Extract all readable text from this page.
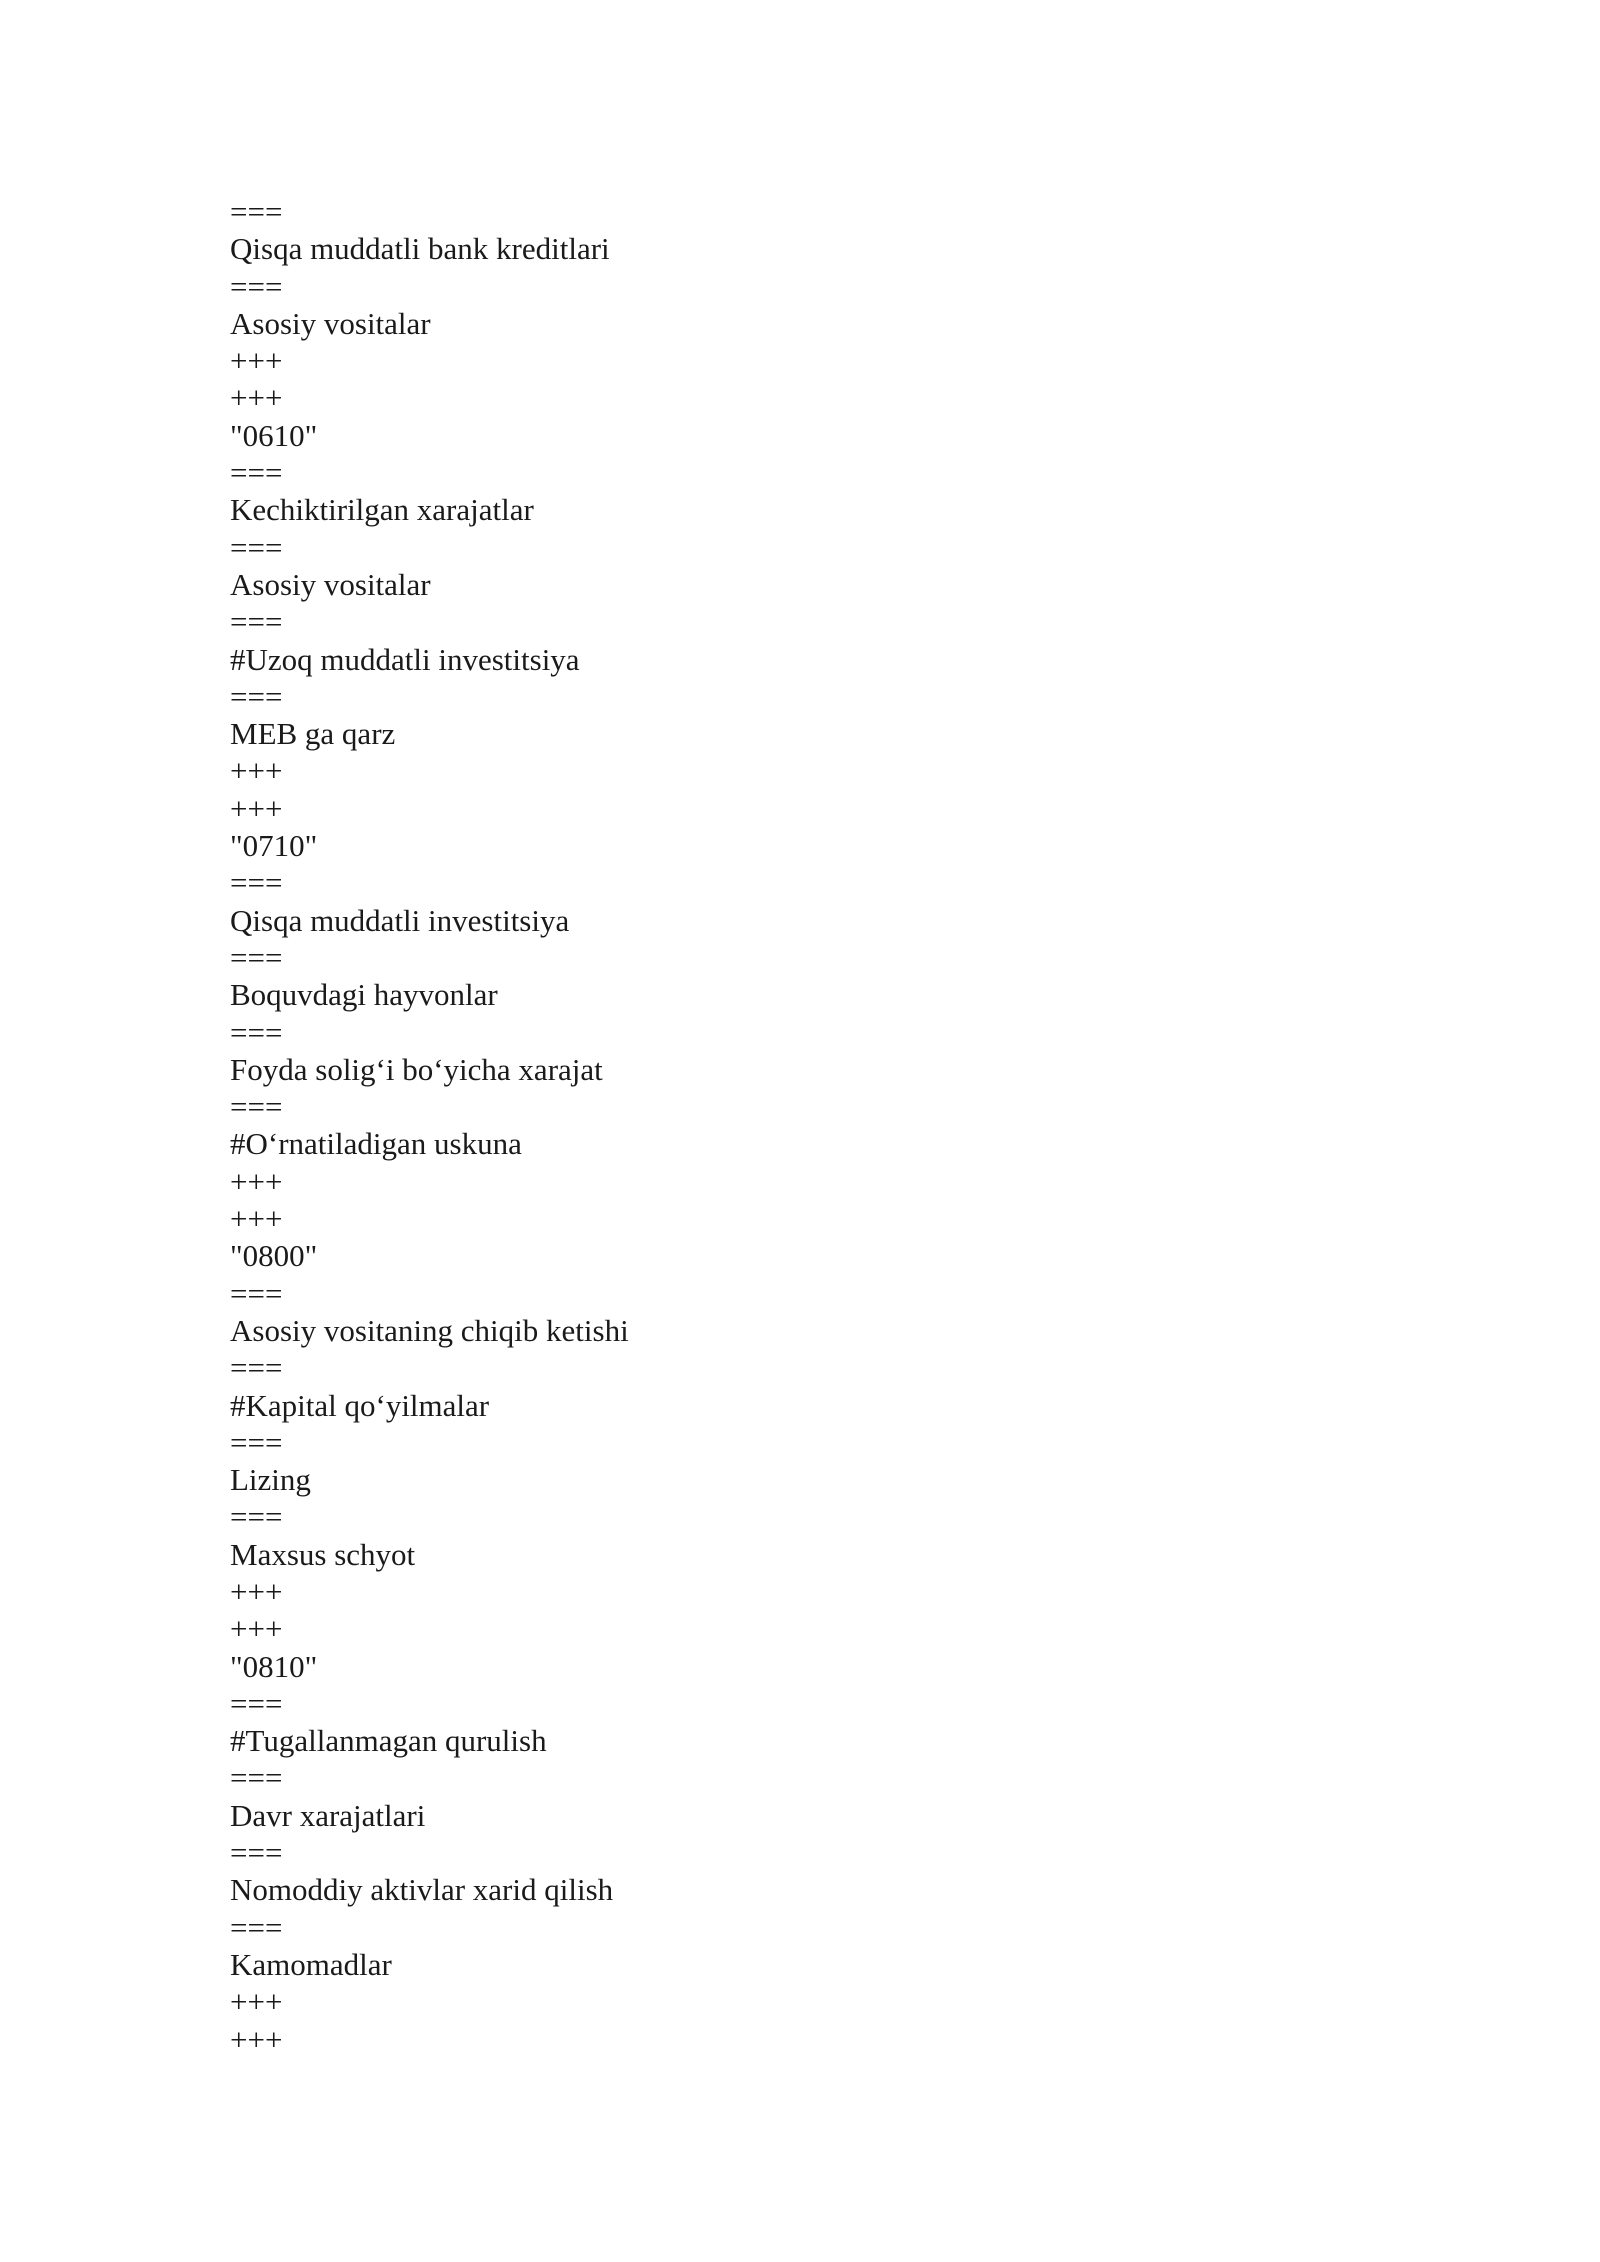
===
Qisqa muddatli bank kreditlari
===
Asosiy vositalar
+++
+++
"0610"
===
Kechiktirilgan xarajatlar
===
Asosiy vositalar
===
#Uzoq muddatli investitsiya
===
MEB ga qarz
+++
+++
"0710"
===
Qisqa muddatli investitsiya
===
Boquvdagi hayvonlar
===
Foyda solig‘i bo‘yicha xarajat
===
#O‘rnatiladigan uskuna
+++
+++
"0800"
===
Asosiy vositaning chiqib ketishi
===
#Kapital qo‘yilmalar
===
Lizing
===
Maxsus schyot
+++
+++
"0810"
===
#Tugallanmagan qurulish
===
Davr xarajatlari
===
Nomoddiy aktivlar xarid qilish
===
Kamomadlar
+++
+++
